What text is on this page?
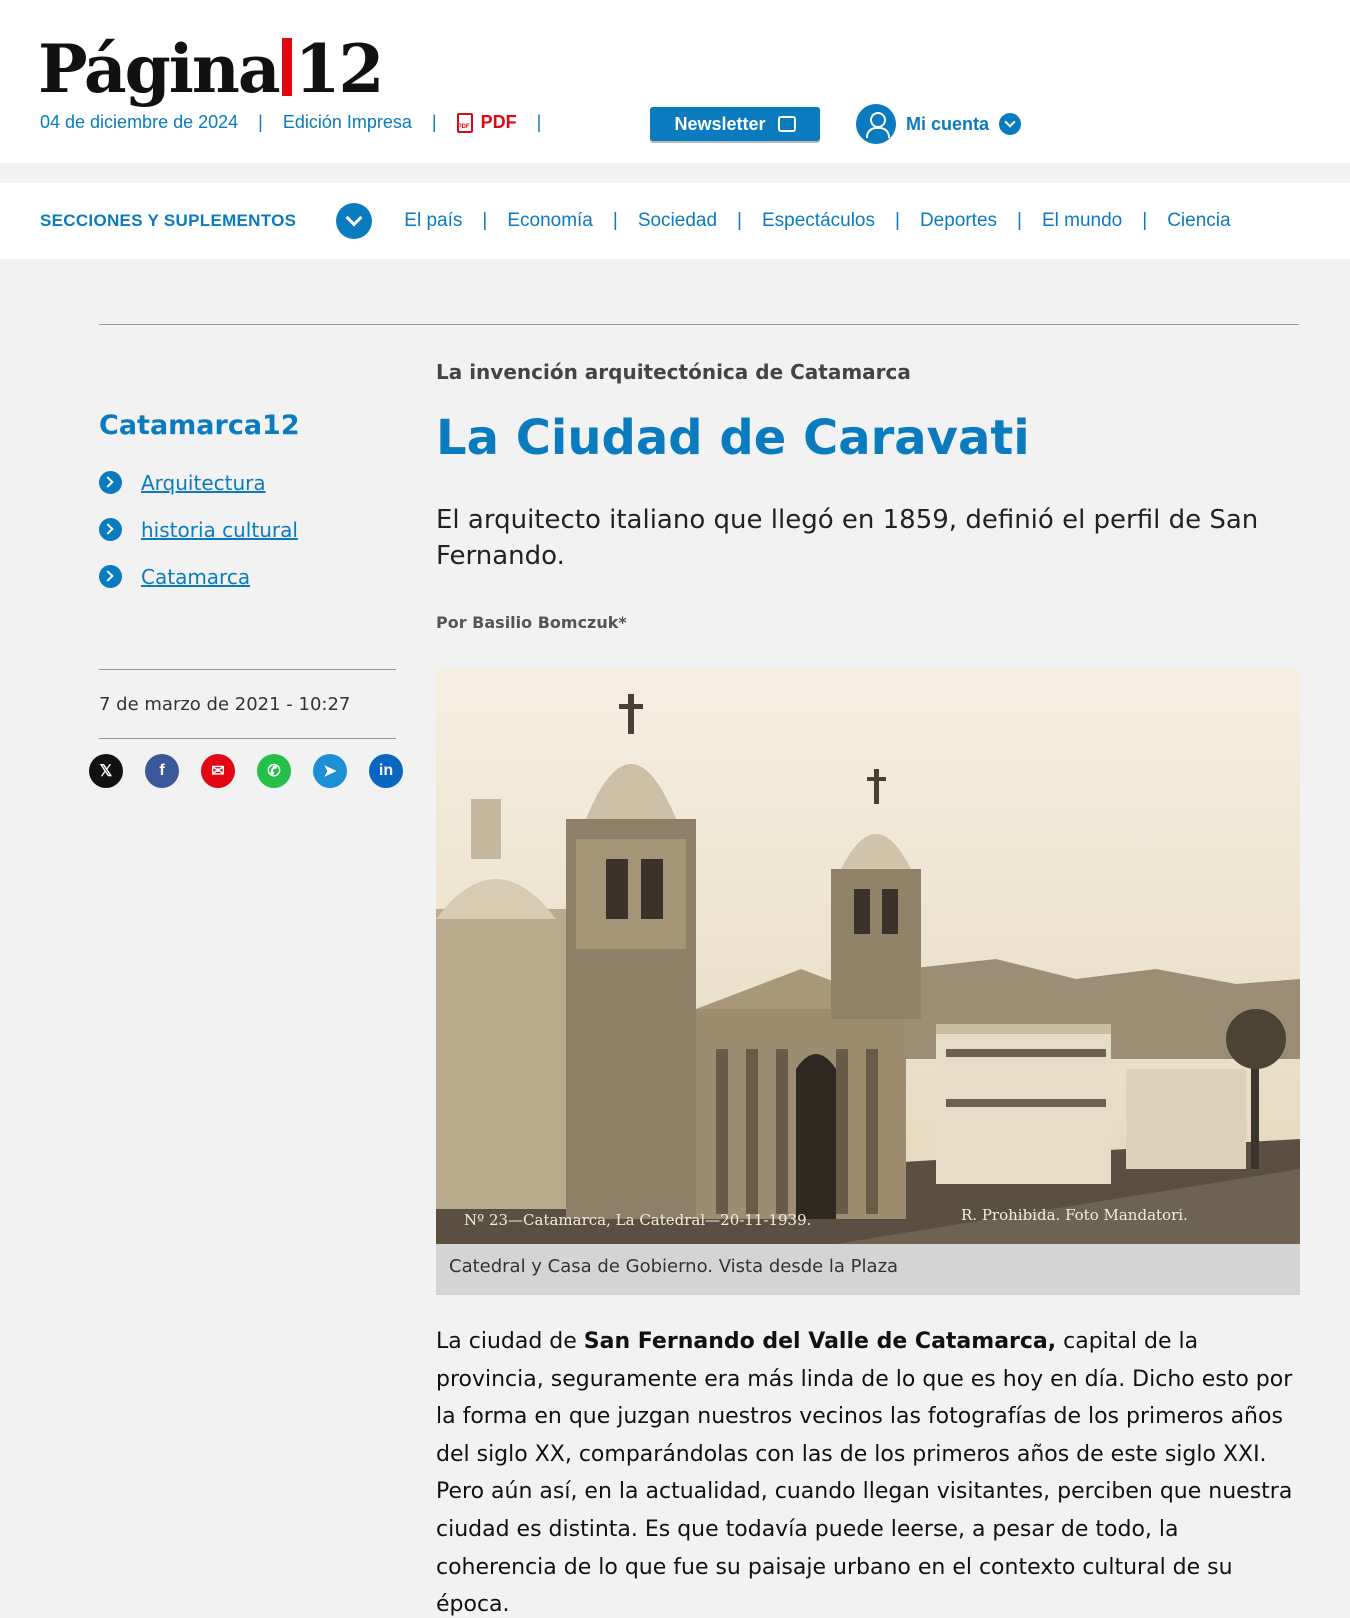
Página 12
04 de diciembre de 2024 | Edición Impresa |
PDF PDF |	Newsletter	Mi cuenta
SECCIONES Y SUPLEMENTOS	El país | Economía | Sociedad | Espectáculos | Deportes | El mundo | Ciencia
Catamarca12
Arquitectura
historia cultural
Catamarca
7 de marzo de 2021 - 10:27
𝕏	f	✉	✆	➤	in
La invención arquitectónica de Catamarca
La Ciudad de Caravati
El arquitecto italiano que llegó en 1859, definió el perfil de San Fernando.
Por Basilio Bomczuk*
Nº 23—Catamarca, La Catedral—20-11-1939.	R. Prohibida. Foto Mandatori.
Catedral y Casa de Gobierno. Vista desde la Plaza
La ciudad de San Fernando del Valle de Catamarca, capital de la provincia, seguramente era más linda de lo que es hoy en día. Dicho esto por la forma en que juzgan nuestros vecinos las fotografías de los primeros años del siglo XX, comparándolas con las de los primeros años de este siglo XXI. Pero aún así, en la actualidad, cuando llegan visitantes, perciben que nuestra ciudad es distinta. Es que todavía puede leerse, a pesar de todo, la coherencia de lo que fue su paisaje urbano en el contexto cultural de su época.
